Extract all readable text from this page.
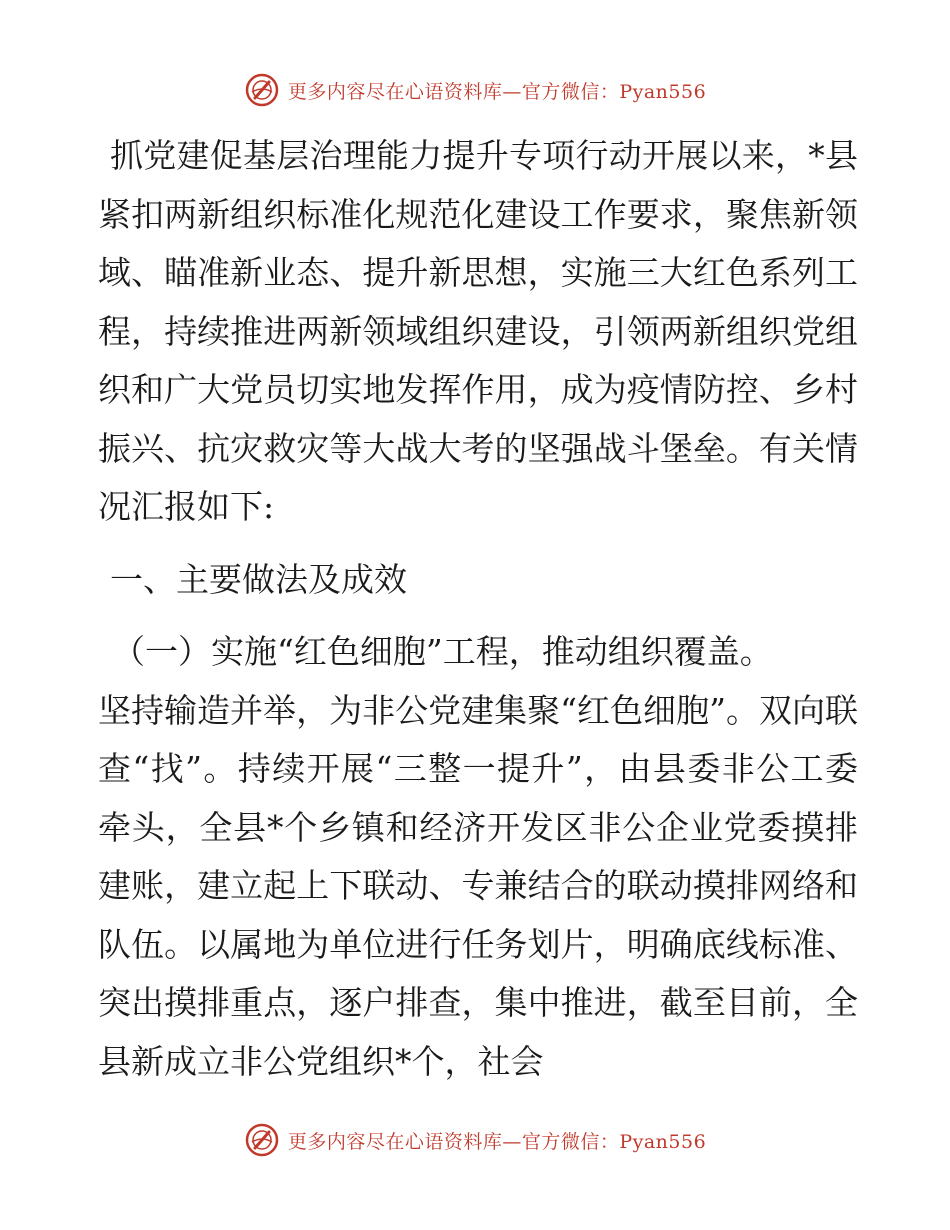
更多内容尽在心语资料库—官方微信：Pyan556

抓党建促基层治理能力提升专项行动开展以来，*县紧扣两新组织标准化规范化建设工作要求，聚焦新领域、瞄准新业态、提升新思想，实施三大红色系列工程，持续推进两新领域组织建设，引领两新组织党组织和广大党员切实地发挥作用，成为疫情防控、乡村振兴、抗灾救灾等大战大考的坚强战斗堡垒。有关情况汇报如下:

一、主要做法及成效

（一）实施“红色细胞”工程，推动组织覆盖。

坚持输造并举，为非公党建集聚“红色细胞”。双向联查“找”。持续开展“三整一提升”，由县委非公工委牵头，全县*个乡镇和经济开发区非公企业党委摸排建账，建立起上下联动、专兼结合的联动摸排网络和队伍。以属地为单位进行任务划片，明确底线标准、突出摸排重点，逐户排查，集中推进，截至目前，全县新成立非公党组织*个，社会

更多内容尽在心语资料库—官方微信：Pyan556
